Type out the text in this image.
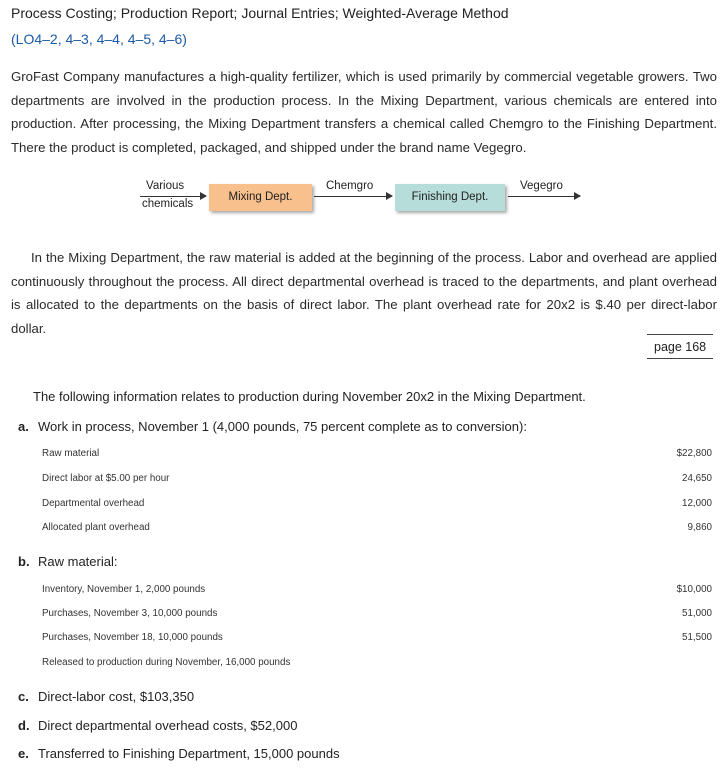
Process Costing; Production Report; Journal Entries; Weighted-Average Method
(LO4–2, 4–3, 4–4, 4–5, 4–6)
GroFast Company manufactures a high-quality fertilizer, which is used primarily by commercial vegetable growers. Two departments are involved in the production process. In the Mixing Department, various chemicals are entered into production. After processing, the Mixing Department transfers a chemical called Chemgro to the Finishing Department. There the product is completed, packaged, and shipped under the brand name Vegegro.
Various
chemicals
Mixing Dept.
Chemgro
Finishing Dept.
Vegegro
In the Mixing Department, the raw material is added at the beginning of the process. Labor and overhead are applied continuously throughout the process. All direct departmental overhead is traced to the departments, and plant overhead is allocated to the departments on the basis of direct labor. The plant overhead rate for 20x2 is $.40 per direct-labor dollar.
page 168
The following information relates to production during November 20x2 in the Mixing Department.
a. Work in process, November 1 (4,000 pounds, 75 percent complete as to conversion):
Raw material	$22,800
Direct labor at $5.00 per hour	24,650
Departmental overhead	12,000
Allocated plant overhead	9,860
b. Raw material:
Inventory, November 1, 2,000 pounds	$10,000
Purchases, November 3, 10,000 pounds	51,000
Purchases, November 18, 10,000 pounds	51,500
Released to production during November, 16,000 pounds
c. Direct-labor cost, $103,350
d. Direct departmental overhead costs, $52,000
e. Transferred to Finishing Department, 15,000 pounds
